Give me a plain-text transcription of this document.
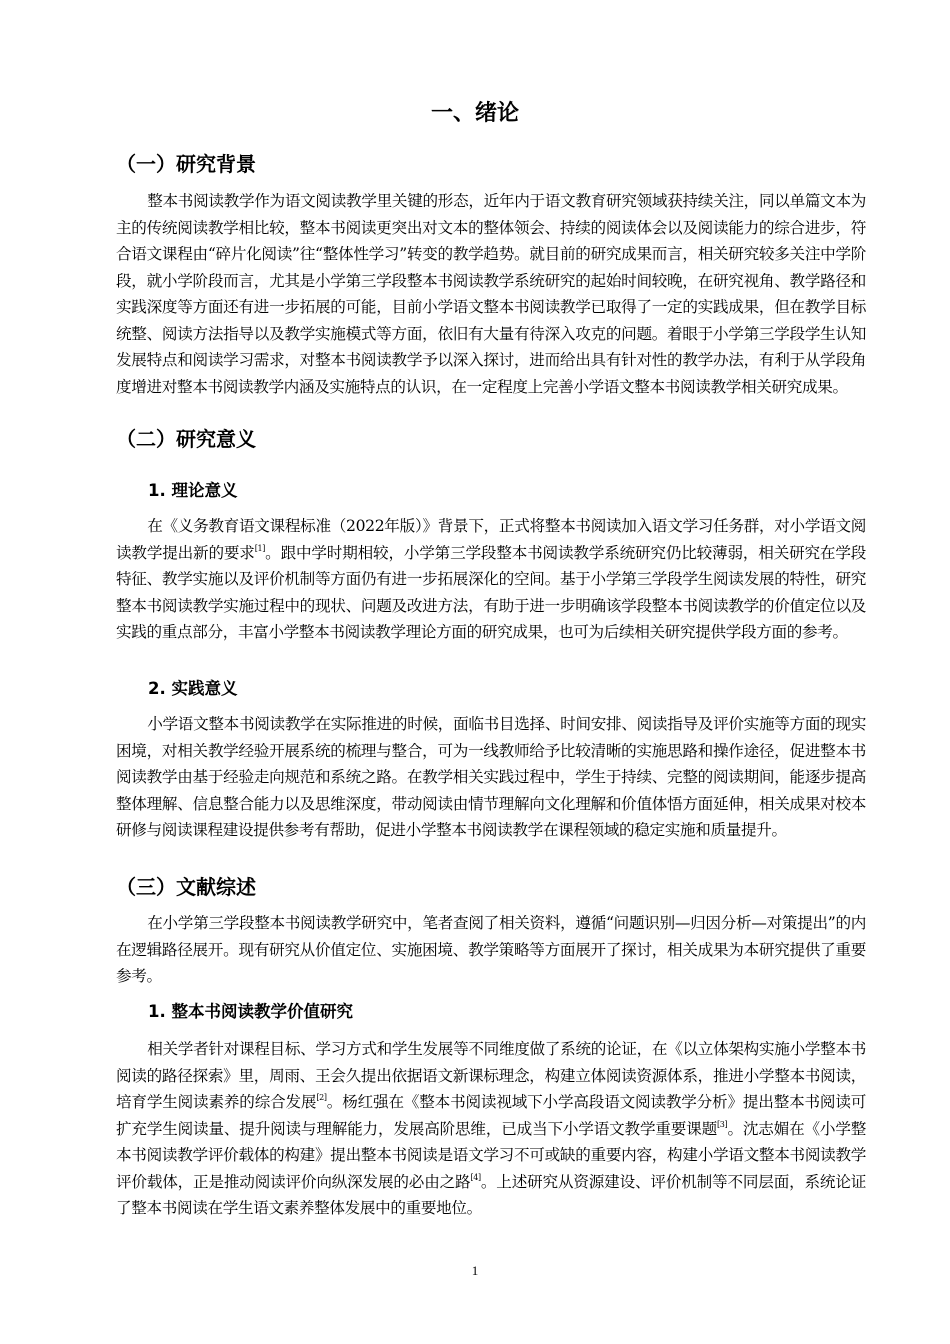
一、绪论
（一）研究背景

整本书阅读教学作为语文阅读教学里关键的形态，近年内于语文教育研究领域获持续关注，同以单篇文本为主的传统阅读教学相比较，整本书阅读更突出对文本的整体领会、持续的阅读体会以及阅读能力的综合进步，符合语文课程由“碎片化阅读”往“整体性学习”转变的教学趋势。就目前的研究成果而言，相关研究较多关注中学阶段，就小学阶段而言，尤其是小学第三学段整本书阅读教学系统研究的起始时间较晚，在研究视角、教学路径和实践深度等方面还有进一步拓展的可能，目前小学语文整本书阅读教学已取得了一定的实践成果，但在教学目标统整、阅读方法指导以及教学实施模式等方面，依旧有大量有待深入攻克的问题。着眼于小学第三学段学生认知发展特点和阅读学习需求，对整本书阅读教学予以深入探讨，进而给出具有针对性的教学办法，有利于从学段角度增进对整本书阅读教学内涵及实施特点的认识，在一定程度上完善小学语文整本书阅读教学相关研究成果。

（二）研究意义
1. 理论意义

在《义务教育语文课程标准（2022年版）》背景下，正式将整本书阅读加入语文学习任务群，对小学语文阅读教学提出新的要求[1]。跟中学时期相较，小学第三学段整本书阅读教学系统研究仍比较薄弱，相关研究在学段特征、教学实施以及评价机制等方面仍有进一步拓展深化的空间。基于小学第三学段学生阅读发展的特性，研究整本书阅读教学实施过程中的现状、问题及改进方法，有助于进一步明确该学段整本书阅读教学的价值定位以及实践的重点部分，丰富小学整本书阅读教学理论方面的研究成果，也可为后续相关研究提供学段方面的参考。

2. 实践意义

小学语文整本书阅读教学在实际推进的时候，面临书目选择、时间安排、阅读指导及评价实施等方面的现实困境，对相关教学经验开展系统的梳理与整合，可为一线教师给予比较清晰的实施思路和操作途径，促进整本书阅读教学由基于经验走向规范和系统之路。在教学相关实践过程中，学生于持续、完整的阅读期间，能逐步提高整体理解、信息整合能力以及思维深度，带动阅读由情节理解向文化理解和价值体悟方面延伸，相关成果对校本研修与阅读课程建设提供参考有帮助，促进小学整本书阅读教学在课程领域的稳定实施和质量提升。

（三）文献综述

在小学第三学段整本书阅读教学研究中，笔者查阅了相关资料，遵循“问题识别—归因分析—对策提出”的内在逻辑路径展开。现有研究从价值定位、实施困境、教学策略等方面展开了探讨，相关成果为本研究提供了重要参考。

1. 整本书阅读教学价值研究

相关学者针对课程目标、学习方式和学生发展等不同维度做了系统的论证，在《以立体架构实施小学整本书阅读的路径探索》里，周雨、王会久提出依据语文新课标理念，构建立体阅读资源体系，推进小学整本书阅读，培育学生阅读素养的综合发展[2]。杨红强在《整本书阅读视域下小学高段语文阅读教学分析》提出整本书阅读可扩充学生阅读量、提升阅读与理解能力，发展高阶思维，已成当下小学语文教学重要课题[3]。沈志媚在《小学整本书阅读教学评价载体的构建》提出整本书阅读是语文学习不可或缺的重要内容，构建小学语文整本书阅读教学评价载体，正是推动阅读评价向纵深发展的必由之路[4]。上述研究从资源建设、评价机制等不同层面，系统论证了整本书阅读在学生语文素养整体发展中的重要地位。

1
